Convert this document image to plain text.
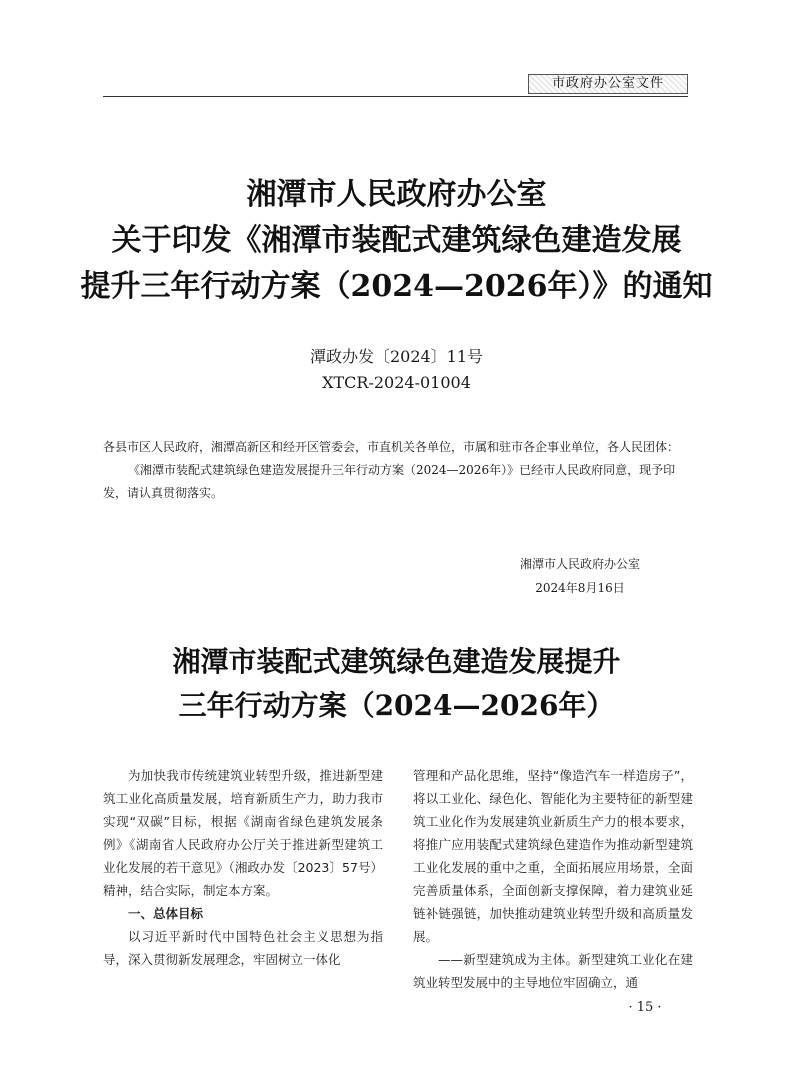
市政府办公室文件
湘潭市人民政府办公室
关于印发《湘潭市装配式建筑绿色建造发展
提升三年行动方案（2024—2026年）》的通知
潭政办发〔2024〕11号
XTCR-2024-01004

各县市区人民政府，湘潭高新区和经开区管委会，市直机关各单位，市属和驻市各企事业单位，各人民团体：

《湘潭市装配式建筑绿色建造发展提升三年行动方案（2024—2026年）》已经市人民政府同意，现予印发，请认真贯彻落实。

湘潭市人民政府办公室
2024年8月16日
湘潭市装配式建筑绿色建造发展提升
三年行动方案（2024—2026年）

为加快我市传统建筑业转型升级，推进新型建筑工业化高质量发展，培育新质生产力，助力我市实现“双碳”目标，根据《湖南省绿色建筑发展条例》《湖南省人民政府办公厅关于推进新型建筑工业化发展的若干意见》（湘政办发〔2023〕57号）精神，结合实际，制定本方案。

一、总体目标

以习近平新时代中国特色社会主义思想为指导，深入贯彻新发展理念，牢固树立一体化

管理和产品化思维，坚持“像造汽车一样造房子”，将以工业化、绿色化、智能化为主要特征的新型建筑工业化作为发展建筑业新质生产力的根本要求，将推广应用装配式建筑绿色建造作为推动新型建筑工业化发展的重中之重，全面拓展应用场景，全面完善质量体系，全面创新支撑保障，着力建筑业延链补链强链，加快推动建筑业转型升级和高质量发展。

——新型建筑成为主体。新型建筑工业化在建筑业转型发展中的主导地位牢固确立，通

· 15 ·
